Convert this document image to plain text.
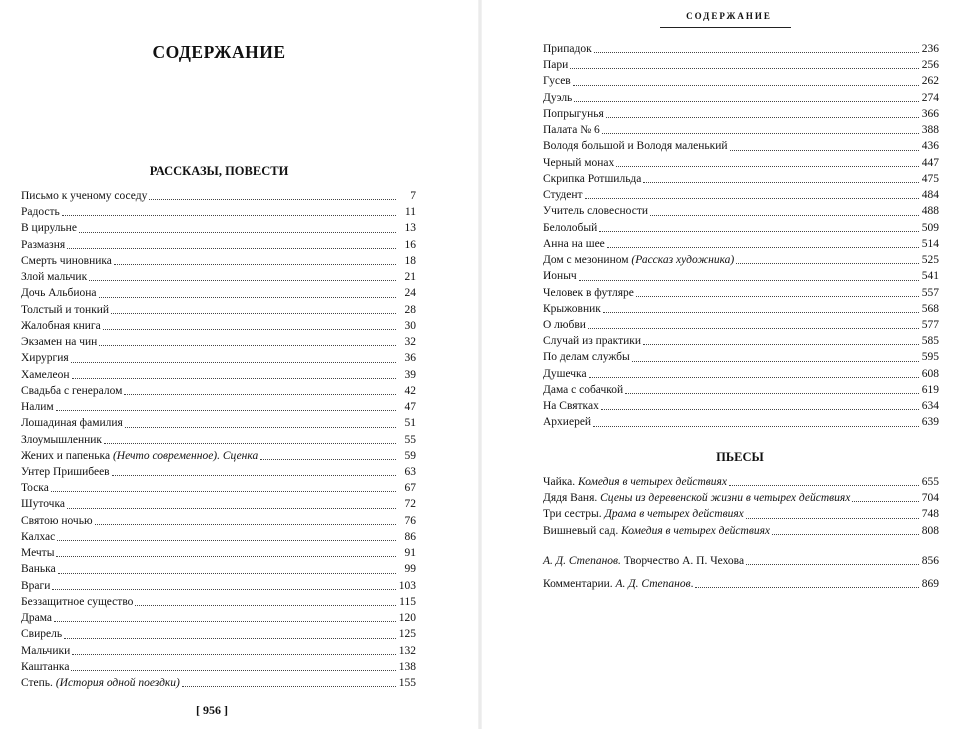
СОДЕРЖАНИЕ
РАССКАЗЫ, ПОВЕСТИ
Письмо к ученому соседу	7
Радость	11
В цирульне	13
Размазня	16
Смерть чиновника	18
Злой мальчик	21
Дочь Альбиона	24
Толстый и тонкий	28
Жалобная книга	30
Экзамен на чин	32
Хирургия	36
Хамелеон	39
Свадьба с генералом	42
Налим	47
Лошадиная фамилия	51
Злоумышленник	55
Жених и папенька (Нечто современное). Сценка	59
Унтер Пришибеев	63
Тоска	67
Шуточка	72
Святою ночью	76
Калхас	86
Мечты	91
Ванька	99
Враги	103
Беззащитное существо	115
Драма	120
Свирель	125
Мальчики	132
Каштанка	138
Степь. (История одной поездки)	155
[ 956 ]
СОДЕРЖАНИЕ
Припадок	236
Пари	256
Гусев	262
Дуэль	274
Попрыгунья	366
Палата № 6	388
Володя большой и Володя маленький	436
Черный монах	447
Скрипка Ротшильда	475
Студент	484
Учитель словесности	488
Белолобый	509
Анна на шее	514
Дом с мезонином (Рассказ художника)	525
Ионыч	541
Человек в футляре	557
Крыжовник	568
О любви	577
Случай из практики	585
По делам службы	595
Душечка	608
Дама с собачкой	619
На Святках	634
Архиерей	639
ПЬЕСЫ
Чайка. Комедия в четырех действиях	655
Дядя Ваня. Сцены из деревенской жизни в четырех действиях	704
Три сестры. Драма в четырех действиях	748
Вишневый сад. Комедия в четырех действиях	808
А. Д. Степанов. Творчество А. П. Чехова	856
Комментарии. А. Д. Степанов.	869
